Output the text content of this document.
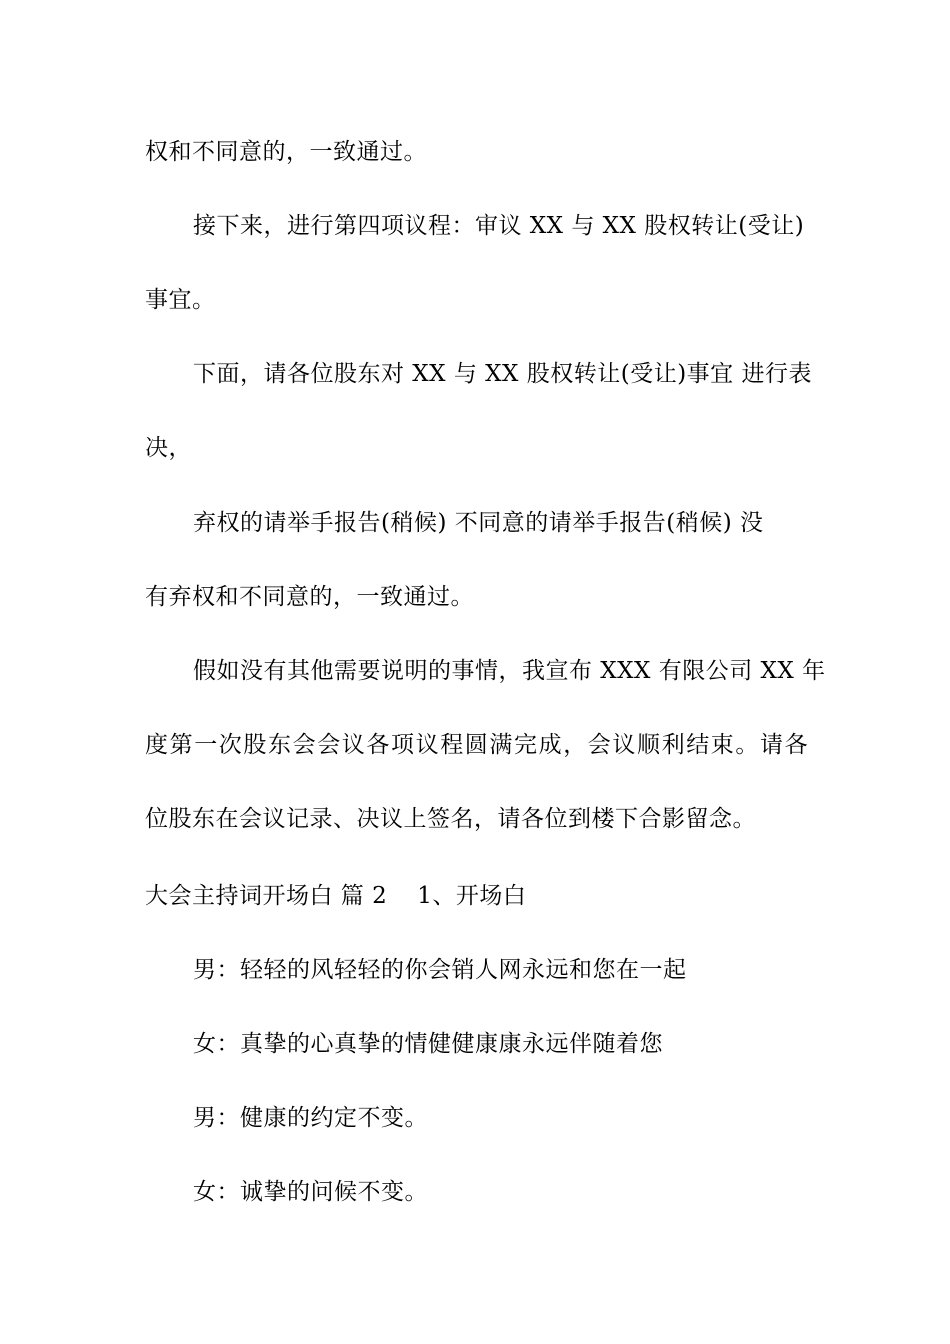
权和不同意的，一致通过。
接下来，进行第四项议程：审议 XX 与 XX 股权转让(受让)
事宜。
下面，请各位股东对 XX 与 XX 股权转让(受让)事宜 进行表
决，
弃权的请举手报告(稍候) 不同意的请举手报告(稍候) 没
有弃权和不同意的，一致通过。
假如没有其他需要说明的事情，我宣布 XXX 有限公司 XX 年
度第一次股东会会议各项议程圆满完成，会议顺利结束。请各
位股东在会议记录、决议上签名，请各位到楼下合影留念。
大会主持词开场白 篇 2 1、开场白
男：轻轻的风轻轻的你会销人网永远和您在一起
女：真挚的心真挚的情健健康康永远伴随着您
男：健康的约定不变。
女：诚挚的问候不变。
